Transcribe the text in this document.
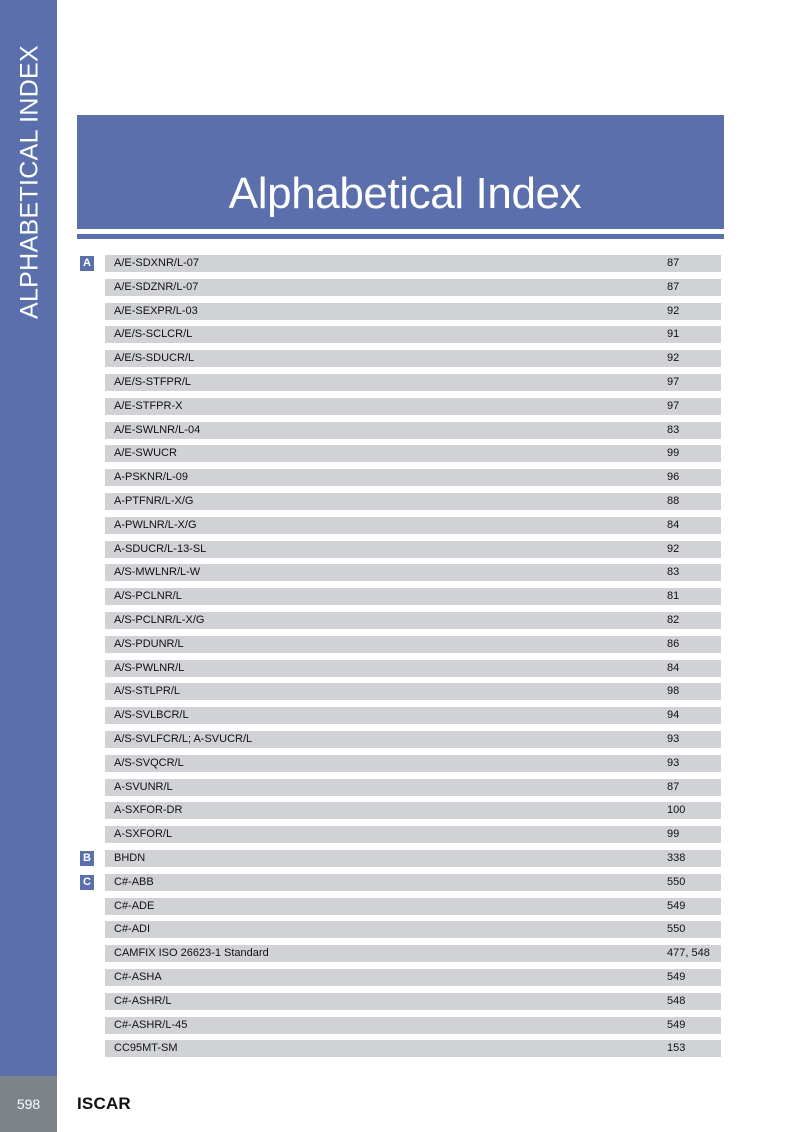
ALPHABETICAL INDEX
598	ISCAR
Alphabetical Index
A A/E-SDXNR/L-07	87
A/E-SDZNR/L-07	87
A/E-SEXPR/L-03	92
A/E/S-SCLCR/L	91
A/E/S-SDUCR/L	92
A/E/S-STFPR/L	97
A/E-STFPR-X	97
A/E-SWLNR/L-04	83
A/E-SWUCR	99
A-PSKNR/L-09	96
A-PTFNR/L-X/G	88
A-PWLNR/L-X/G	84
A-SDUCR/L-13-SL	92
A/S-MWLNR/L-W	83
A/S-PCLNR/L	81
A/S-PCLNR/L-X/G	82
A/S-PDUNR/L	86
A/S-PWLNR/L	84
A/S-STLPR/L	98
A/S-SVLBCR/L	94
A/S-SVLFCR/L; A-SVUCR/L	93
A/S-SVQCR/L	93
A-SVUNR/L	87
A-SXFOR-DR	100
A-SXFOR/L	99
B BHDN	338
C C#-ABB	550
C#-ADE	549
C#-ADI	550
CAMFIX ISO 26623-1 Standard	477, 548
C#-ASHA	549
C#-ASHR/L	548
C#-ASHR/L-45	549
CC95MT-SM	153
